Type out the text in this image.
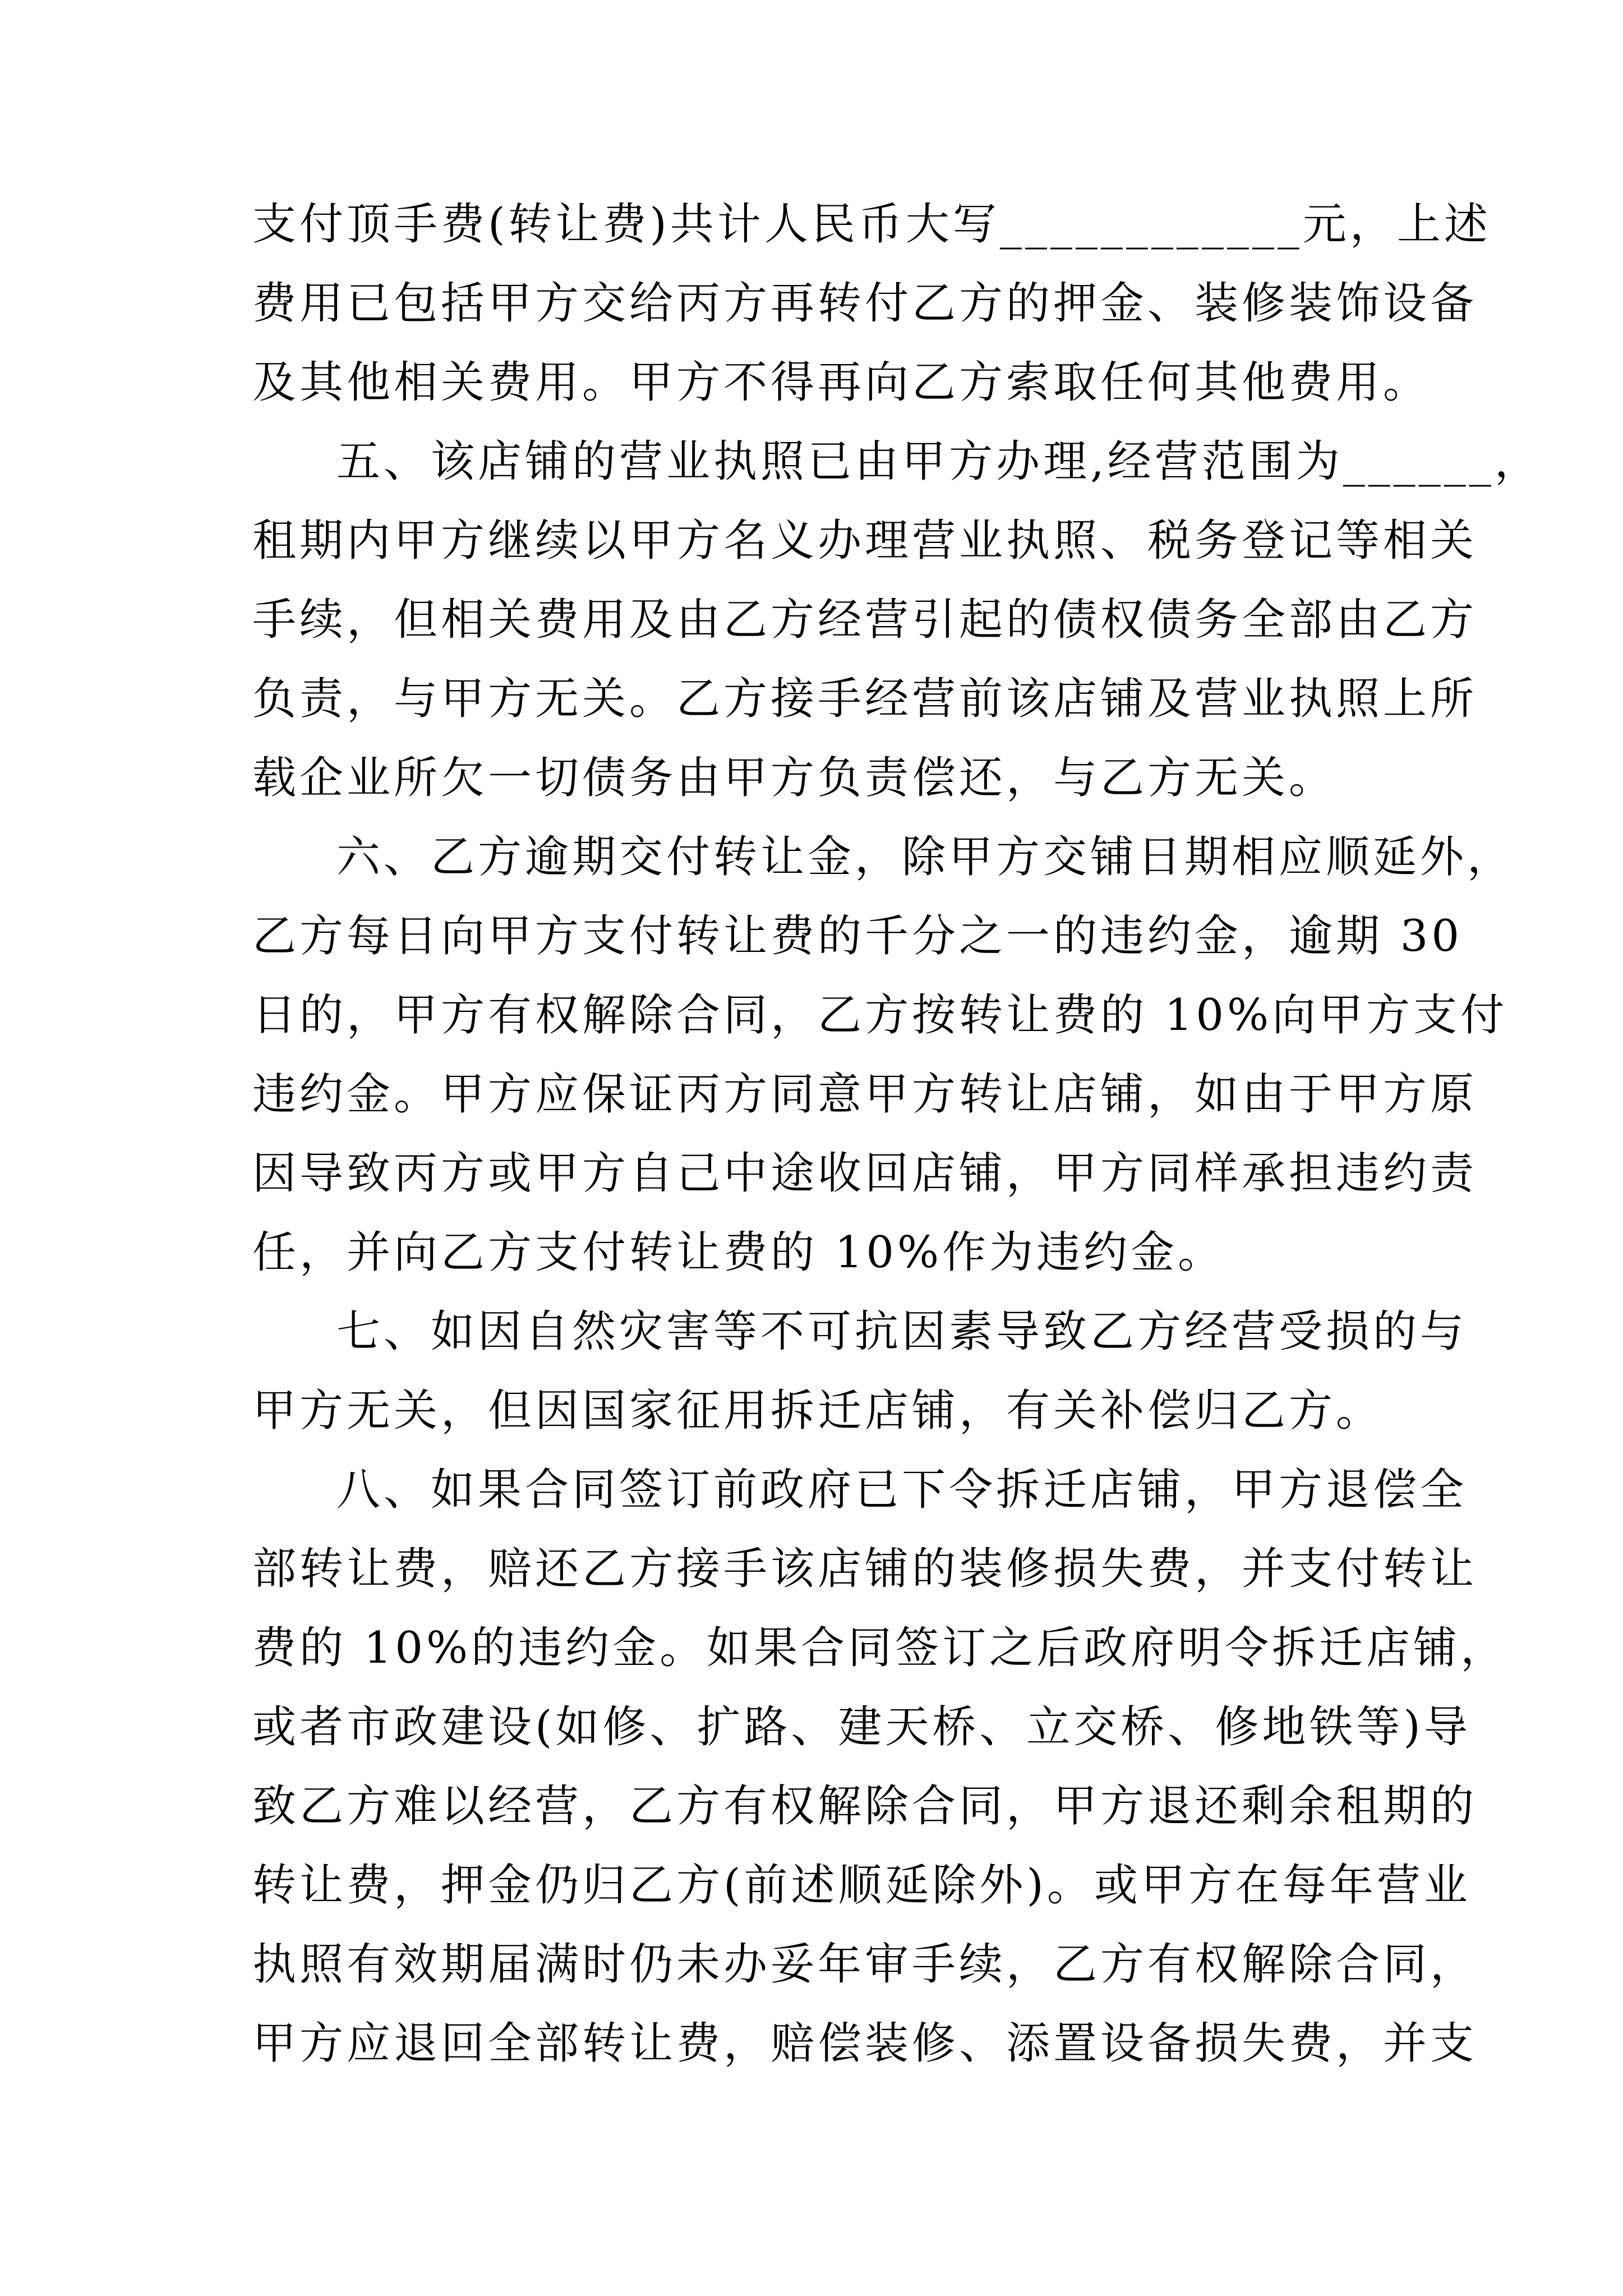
支付顶手费(转让费)共计人民币大写____________元，上述
费用已包括甲方交给丙方再转付乙方的押金、装修装饰设备
及其他相关费用。甲方不得再向乙方索取任何其他费用。
五、该店铺的营业执照已由甲方办理,经营范围为______，
租期内甲方继续以甲方名义办理营业执照、税务登记等相关
手续，但相关费用及由乙方经营引起的债权债务全部由乙方
负责，与甲方无关。乙方接手经营前该店铺及营业执照上所
载企业所欠一切债务由甲方负责偿还，与乙方无关。
六、乙方逾期交付转让金，除甲方交铺日期相应顺延外，
乙方每日向甲方支付转让费的千分之一的违约金，逾期 30
日的，甲方有权解除合同，乙方按转让费的 10%向甲方支付
违约金。甲方应保证丙方同意甲方转让店铺，如由于甲方原
因导致丙方或甲方自己中途收回店铺，甲方同样承担违约责
任，并向乙方支付转让费的 10%作为违约金。
七、如因自然灾害等不可抗因素导致乙方经营受损的与
甲方无关，但因国家征用拆迁店铺，有关补偿归乙方。
八、如果合同签订前政府已下令拆迁店铺，甲方退偿全
部转让费，赔还乙方接手该店铺的装修损失费，并支付转让
费的 10%的违约金。如果合同签订之后政府明令拆迁店铺，
或者市政建设(如修、扩路、建天桥、立交桥、修地铁等)导
致乙方难以经营，乙方有权解除合同，甲方退还剩余租期的
转让费，押金仍归乙方(前述顺延除外)。或甲方在每年营业
执照有效期届满时仍未办妥年审手续，乙方有权解除合同，
甲方应退回全部转让费，赔偿装修、添置设备损失费，并支
